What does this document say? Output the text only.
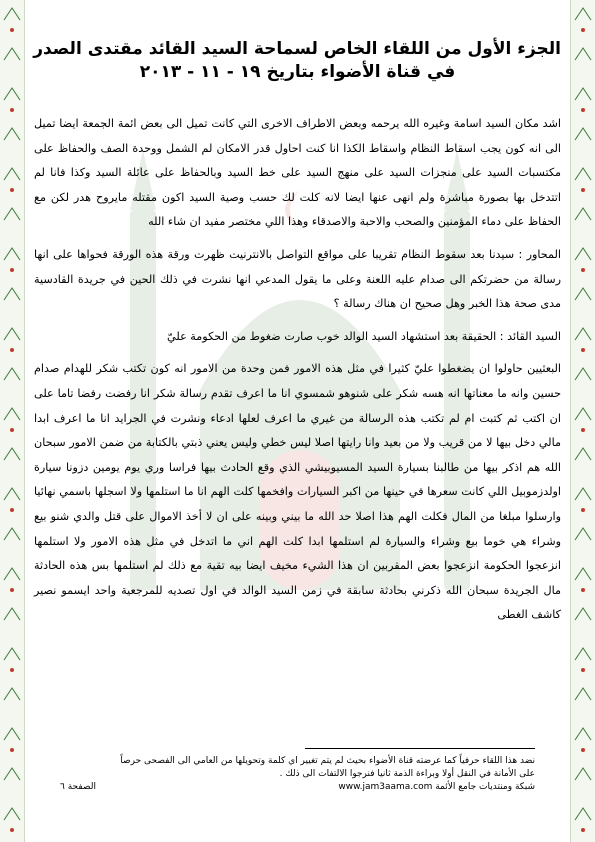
الجزء الأول من اللقاء الخاص لسماحة السيد القائد مقتدى الصدر
في قناة الأضواء بتاريخ ١٩ - ١١ - ٢٠١٣

اشد مكان السيد اسامة وغيره الله يرحمه وبعض الاطراف الاخرى التي كانت تميل الى بعض ائمة الجمعة ايضا تميل الى انه كون يجب اسقاط النظام واسقاط الكذا انا كنت احاول قدر الامكان لم الشمل ووحدة الصف والحفاظ على مكتسبات السيد على منجزات السيد على منهج السيد على خط السيد وبالحفاظ على عائلة السيد وكذا فانا لم اتتدخل بها بصورة مباشرة ولم انهى عنها ايضا لانه كلت لك حسب وصية السيد اكون مقتله مايروح هدر لكن مع الحفاظ على دماء المؤمنين والصحب والاحبة والاصدقاء وهذا اللي مختصر مفيد ان شاء الله

المحاور : سيدنا بعد سقوط النظام تقريبا على مواقع التواصل بالانترنيت ظهرت ورقة هذه الورقة فحواها على انها رسالة من حضرتكم الى صدام عليه اللعنة وعلى ما يقول المدعي انها نشرت في ذلك الحين في جريدة القادسية مدى صحة هذا الخبر وهل صحيح ان هناك رسالة ؟

السيد القائد : الحقيقة بعد استشهاد السيد الوالد خوب صارت ضغوط من الحكومة عليّ

البعثيين حاولوا ان يضغطوا عليّ كثيرا في مثل هذه الامور فمن وحدة من الامور انه كون تكتب شكر للهدام صدام حسين وانه ما معناتها انه هسه شكر على شنوهو شمسوي انا ما اعرف تقدم رسالة شكر انا رفضت رفضا تاما على ان اكتب ثم كتبت ام لم تكتب هذه الرسالة من غيري ما اعرف لعلها ادعاء ونشرت في الجرايد انا ما اعرف ابدا مالي دخل بيها لا من قريب ولا من بعيد وانا رايتها اصلا ليس خطي وليس يعني ذبتي بالكتابة من ضمن الامور سبحان الله هم اذكر بيها من طالبنا بسيارة السيد المسيوبيشي الذي وقع الحادث بيها فراسا وري يوم يومين دزونا سيارة اولدزموبيل اللي كانت سعرها في حينها من اكبر السيارات وافخمها كلت الهم انا ما استلمها ولا اسجلها باسمي نهائيا وارسلوا مبلغا من المال فكلت الهم هذا اصلا حد الله ما بيني وبينه على ان لا أخذ الاموال على قتل والدي شنو بيع وشراء هي خوما بيع وشراء والسيارة لم استلمها ابدا كلت الهم اني ما اتدخل في مثل هذه الامور ولا استلمها انزعجوا الحكومة انزعجوا بعض المقربين ان هذا الشيء مخيف ايضا بيه تقية مع ذلك لم استلمها بس هذه الحادثة مال الجريدة سبحان الله ذكرني بحادثة سابقة في زمن السيد الوالد في اول تصديه للمرجعية واحد ايسمو نصير كاشف الغطى

نضد هذا اللقاء حرفياً كما عرضته قناة الأضواء بحيث لم يتم تغيير اي كلمة وتحويلها من العامي الى الفصحى حرصاً
على الأمانة في النقل أولا وبراءة الذمة ثانيا فنرجوا الالتفات الى ذلك .
شبكة ومنتديات جامع الأئمة www.jam3aama.com
الصفحة ٦
